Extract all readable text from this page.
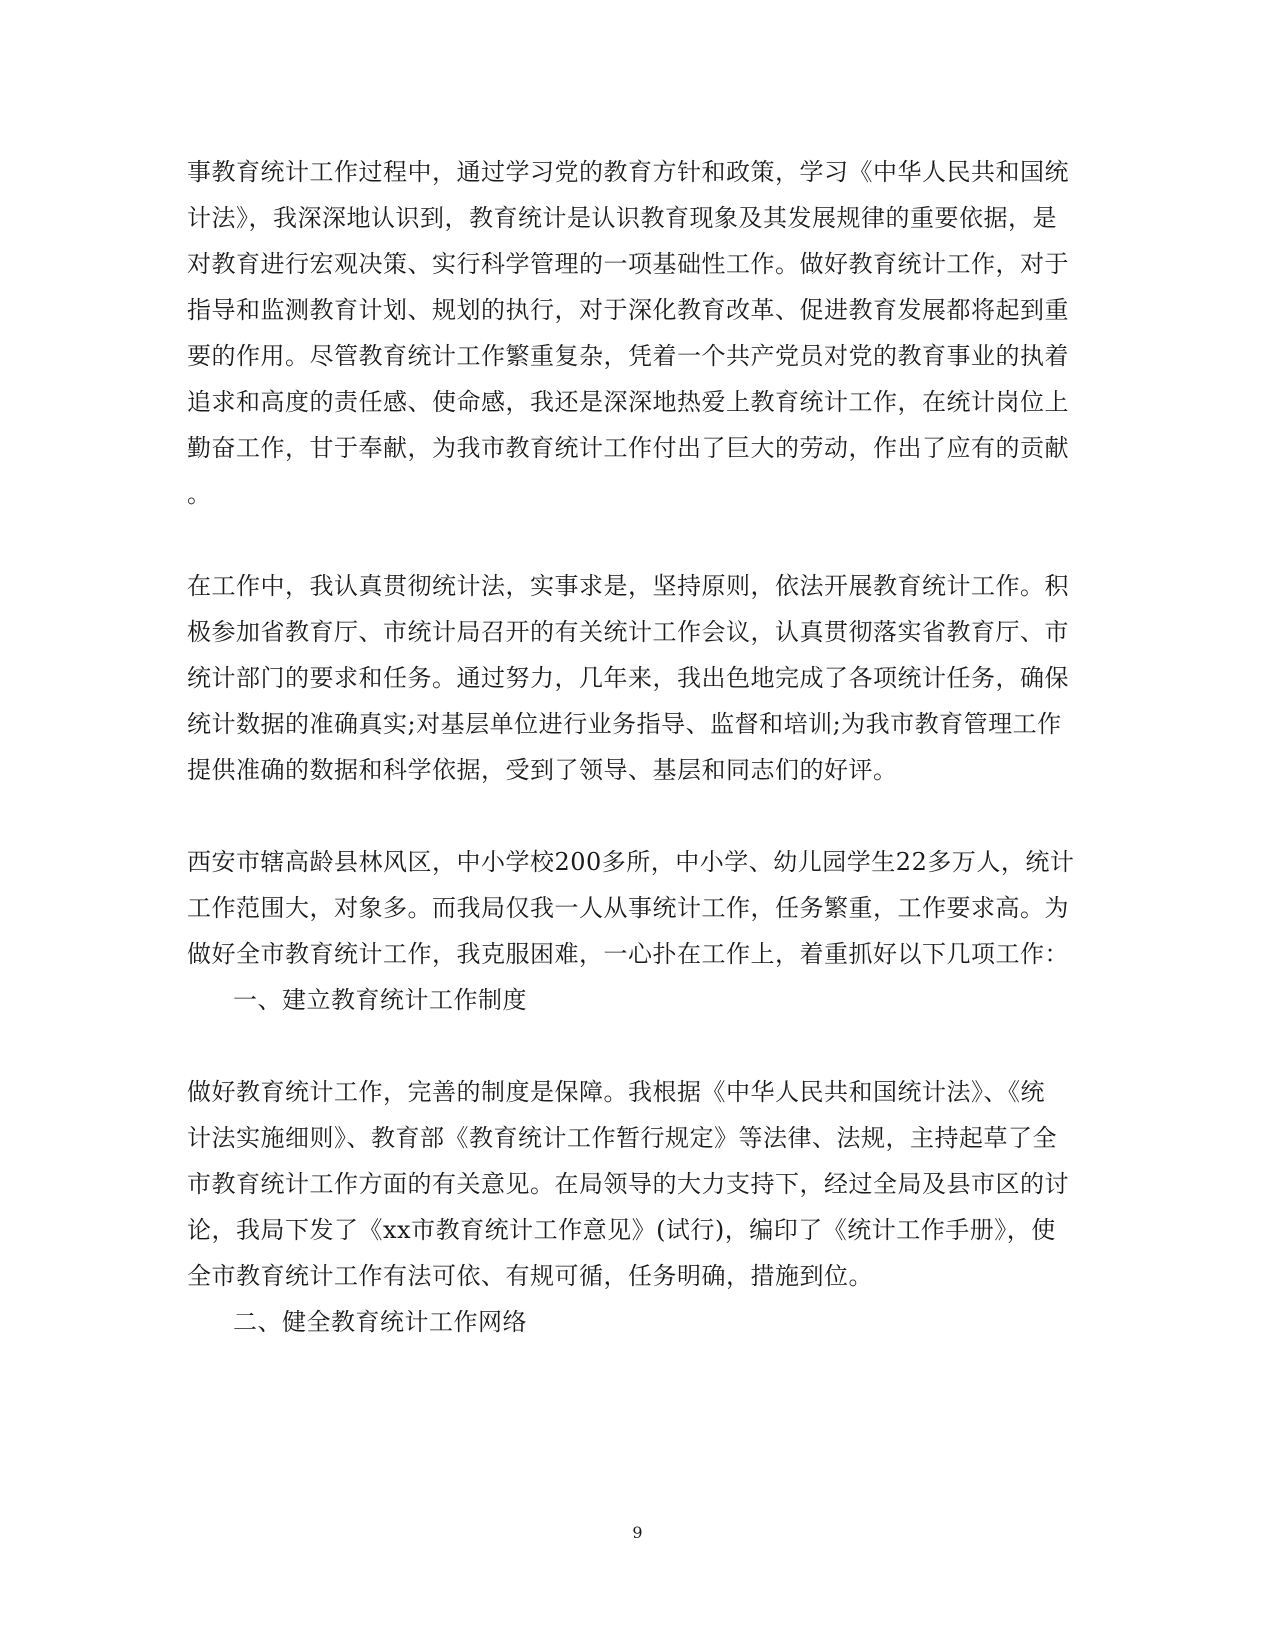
事教育统计工作过程中，通过学习党的教育方针和政策，学习《中华人民共和国统
计法》，我深深地认识到，教育统计是认识教育现象及其发展规律的重要依据，是
对教育进行宏观决策、实行科学管理的一项基础性工作。做好教育统计工作，对于
指导和监测教育计划、规划的执行，对于深化教育改革、促进教育发展都将起到重
要的作用。尽管教育统计工作繁重复杂，凭着一个共产党员对党的教育事业的执着
追求和高度的责任感、使命感，我还是深深地热爱上教育统计工作，在统计岗位上
勤奋工作，甘于奉献，为我市教育统计工作付出了巨大的劳动，作出了应有的贡献
。
在工作中，我认真贯彻统计法，实事求是，坚持原则，依法开展教育统计工作。积
极参加省教育厅、市统计局召开的有关统计工作会议，认真贯彻落实省教育厅、市
统计部门的要求和任务。通过努力，几年来，我出色地完成了各项统计任务，确保
统计数据的准确真实;对基层单位进行业务指导、监督和培训;为我市教育管理工作
提供准确的数据和科学依据，受到了领导、基层和同志们的好评。
西安市辖高龄县林风区，中小学校200多所，中小学、幼儿园学生22多万人，统计
工作范围大，对象多。而我局仅我一人从事统计工作，任务繁重，工作要求高。为
做好全市教育统计工作，我克服困难，一心扑在工作上，着重抓好以下几项工作：
一、建立教育统计工作制度
做好教育统计工作，完善的制度是保障。我根据《中华人民共和国统计法》、《统
计法实施细则》、教育部《教育统计工作暂行规定》等法律、法规，主持起草了全
市教育统计工作方面的有关意见。在局领导的大力支持下，经过全局及县市区的讨
论，我局下发了《xx市教育统计工作意见》(试行)，编印了《统计工作手册》，使
全市教育统计工作有法可依、有规可循，任务明确，措施到位。
二、健全教育统计工作网络
9
